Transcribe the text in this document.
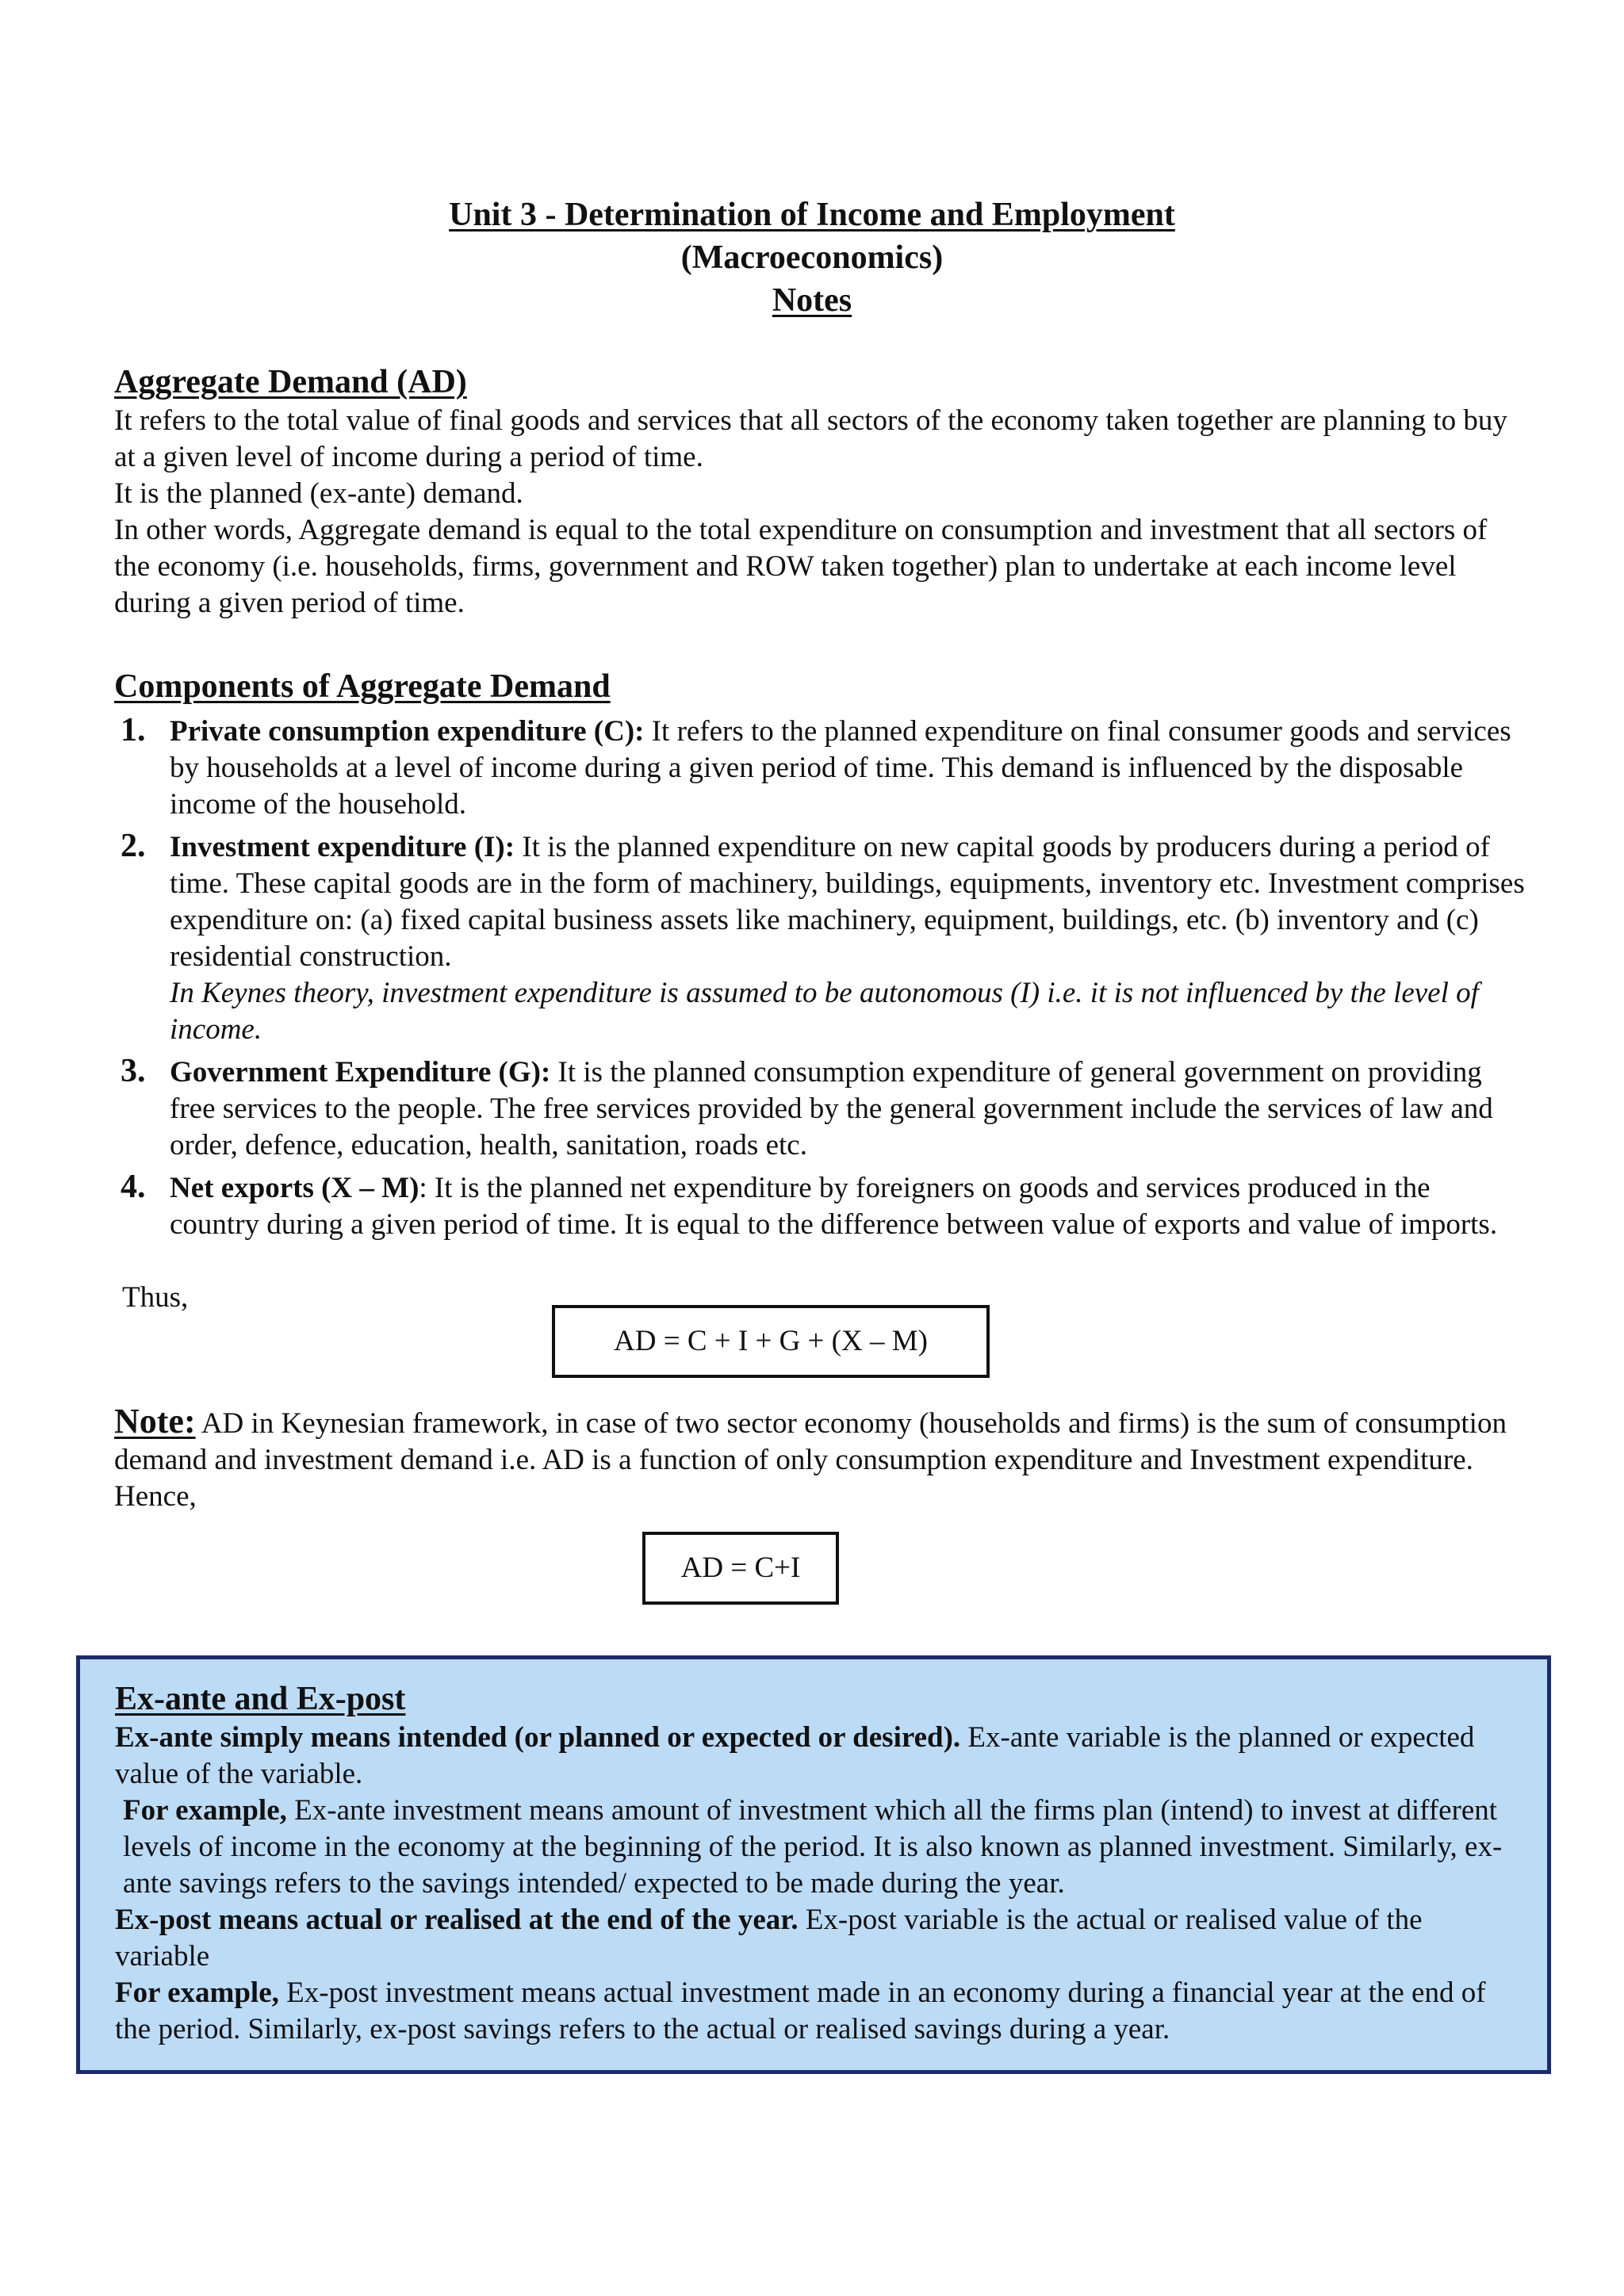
Unit 3 - Determination of Income and Employment
(Macroeconomics)
Notes

Aggregate Demand (AD)

It refers to the total value of final goods and services that all sectors of the economy taken together are planning to buy at a given level of income during a period of time.

It is the planned (ex-ante) demand.

In other words, Aggregate demand is equal to the total expenditure on consumption and investment that all sectors of the economy (i.e. households, firms, government and ROW taken together) plan to undertake at each income level during a given period of time.

Components of Aggregate Demand

1. Private consumption expenditure (C): It refers to the planned expenditure on final consumer goods and services by households at a level of income during a given period of time. This demand is influenced by the disposable income of the household.
2. Investment expenditure (I): It is the planned expenditure on new capital goods by producers during a period of time. These capital goods are in the form of machinery, buildings, equipments, inventory etc. Investment comprises expenditure on: (a) fixed capital business assets like machinery, equipment, buildings, etc. (b) inventory and (c) residential construction.
In Keynes theory, investment expenditure is assumed to be autonomous (I) i.e. it is not influenced by the level of income.
3. Government Expenditure (G): It is the planned consumption expenditure of general government on providing free services to the people. The free services provided by the general government include the services of law and order, defence, education, health, sanitation, roads etc.
4. Net exports (X – M): It is the planned net expenditure by foreigners on goods and services produced in the country during a given period of time. It is equal to the difference between value of exports and value of imports.
Thus,
AD = C + I + G + (X – M)

Note: AD in Keynesian framework, in case of two sector economy (households and firms) is the sum of consumption demand and investment demand i.e. AD is a function of only consumption expenditure and Investment expenditure. Hence,

AD = C+I

Ex-ante and Ex-post

Ex-ante simply means intended (or planned or expected or desired). Ex-ante variable is the planned or expected value of the variable.

For example, Ex-ante investment means amount of investment which all the firms plan (intend) to invest at different levels of income in the economy at the beginning of the period. It is also known as planned investment. Similarly, ex-ante savings refers to the savings intended/ expected to be made during the year.

Ex-post means actual or realised at the end of the year. Ex-post variable is the actual or realised value of the variable

For example, Ex-post investment means actual investment made in an economy during a financial year at the end of the period. Similarly, ex-post savings refers to the actual or realised savings during a year.
